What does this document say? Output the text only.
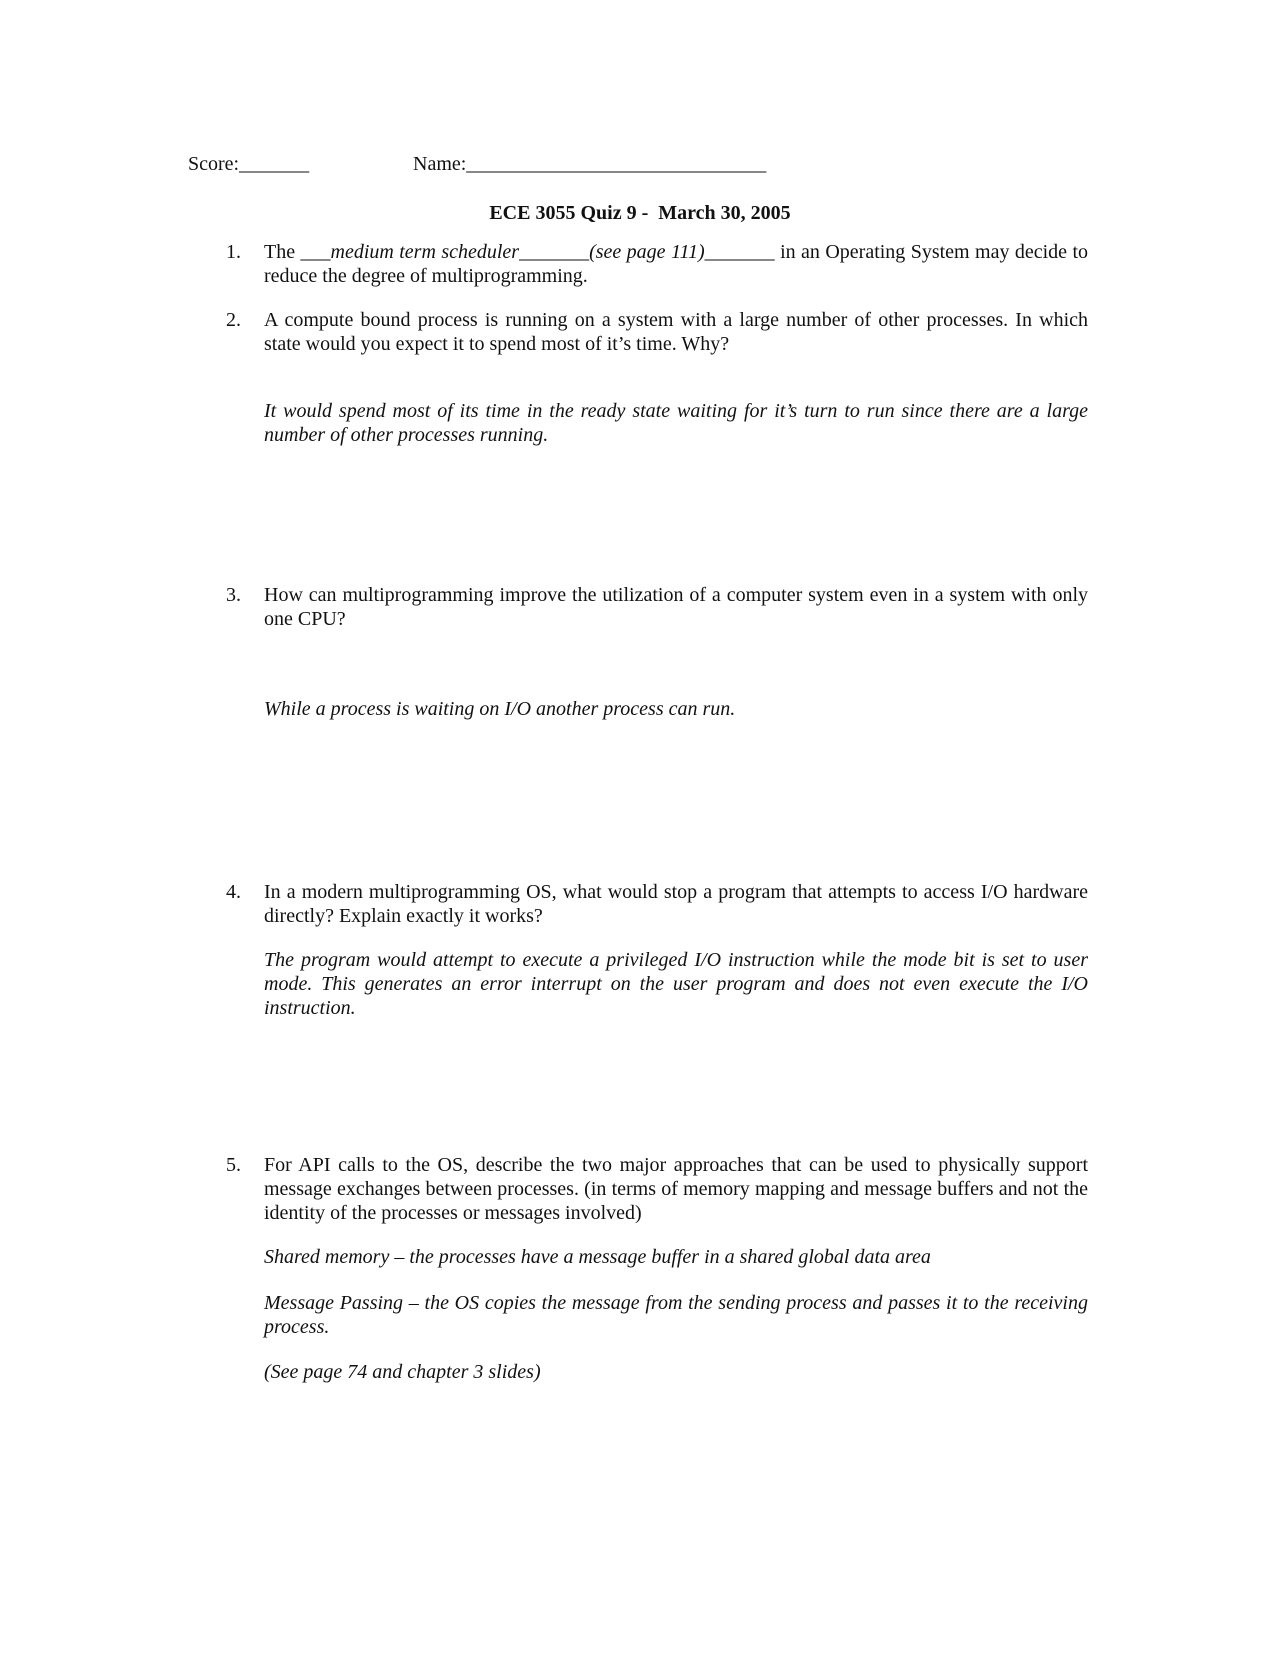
Score:_______	Name:______________________________
ECE 3055 Quiz 9 -  March 30, 2005
1.	The ___medium term scheduler_______(see page 111)_______ in an Operating System may decide to reduce the degree of multiprogramming.
2.	A compute bound process is running on a system with a large number of other processes. In which state would you expect it to spend most of it’s time. Why?
It would spend most of its time in the ready state waiting for it’s turn to run since there are a large number of other processes running.
3.	How can multiprogramming improve the utilization of a computer system even in a system with only one CPU?
While a process is waiting on I/O another process can run.
4.	In a modern multiprogramming OS, what would stop a program that attempts to access I/O hardware directly? Explain exactly it works?
The program would attempt to execute a privileged I/O instruction while the mode bit is set to user mode. This generates an error interrupt on the user program and does not even execute the I/O instruction.
5.	For API calls to the OS, describe the two major approaches that can be used to physically support message exchanges between processes. (in terms of memory mapping and message buffers and not the identity of the processes or messages involved)
Shared memory – the processes have a message buffer in a shared global data area
Message Passing – the OS copies the message from the sending process and passes it to the receiving process.
(See page 74 and chapter 3 slides)
